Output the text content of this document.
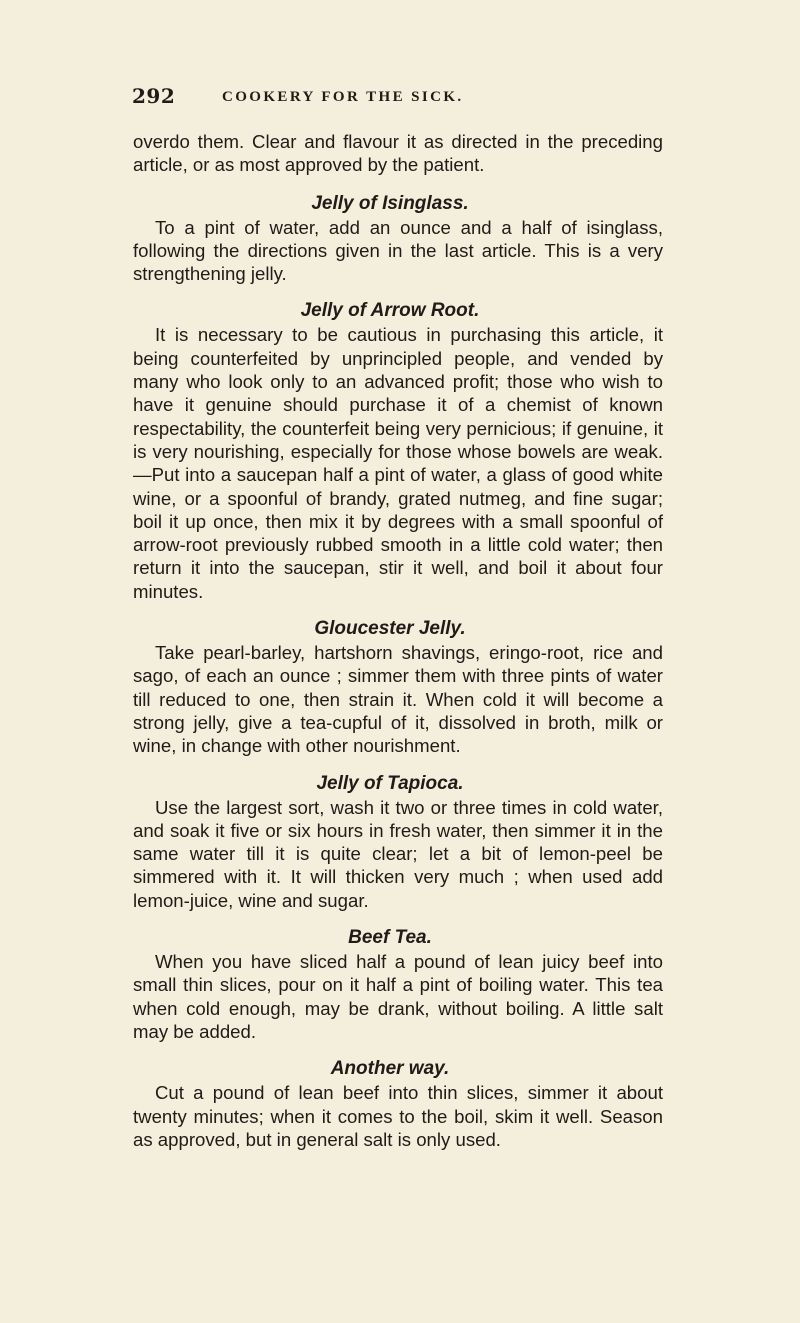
292	COOKERY FOR THE SICK.

overdo them. Clear and flavour it as directed in the preceding article, or as most approved by the patient.

Jelly of Isinglass.

To a pint of water, add an ounce and a half of isinglass, following the directions given in the last article. This is a very strengthening jelly.

Jelly of Arrow Root.

It is necessary to be cautious in purchasing this article, it being counterfeited by unprincipled people, and vended by many who look only to an advanced profit; those who wish to have it genuine should purchase it of a chemist of known respectability, the counterfeit being very pernicious; if genuine, it is very nourishing, especially for those whose bowels are weak.—Put into a saucepan half a pint of water, a glass of good white wine, or a spoonful of brandy, grated nutmeg, and fine sugar; boil it up once, then mix it by degrees with a small spoonful of arrow-root previously rubbed smooth in a little cold water; then return it into the saucepan, stir it well, and boil it about four minutes.

Gloucester Jelly.

Take pearl-barley, hartshorn shavings, eringo-root, rice and sago, of each an ounce ; simmer them with three pints of water till reduced to one, then strain it. When cold it will become a strong jelly, give a tea-cupful of it, dissolved in broth, milk or wine, in change with other nourishment.

Jelly of Tapioca.

Use the largest sort, wash it two or three times in cold water, and soak it five or six hours in fresh water, then simmer it in the same water till it is quite clear; let a bit of lemon-peel be simmered with it. It will thicken very much ; when used add lemon-juice, wine and sugar.

Beef Tea.

When you have sliced half a pound of lean juicy beef into small thin slices, pour on it half a pint of boiling water. This tea when cold enough, may be drank, without boiling. A little salt may be added.

Another way.

Cut a pound of lean beef into thin slices, simmer it about twenty minutes; when it comes to the boil, skim it well. Season as approved, but in general salt is only used.
